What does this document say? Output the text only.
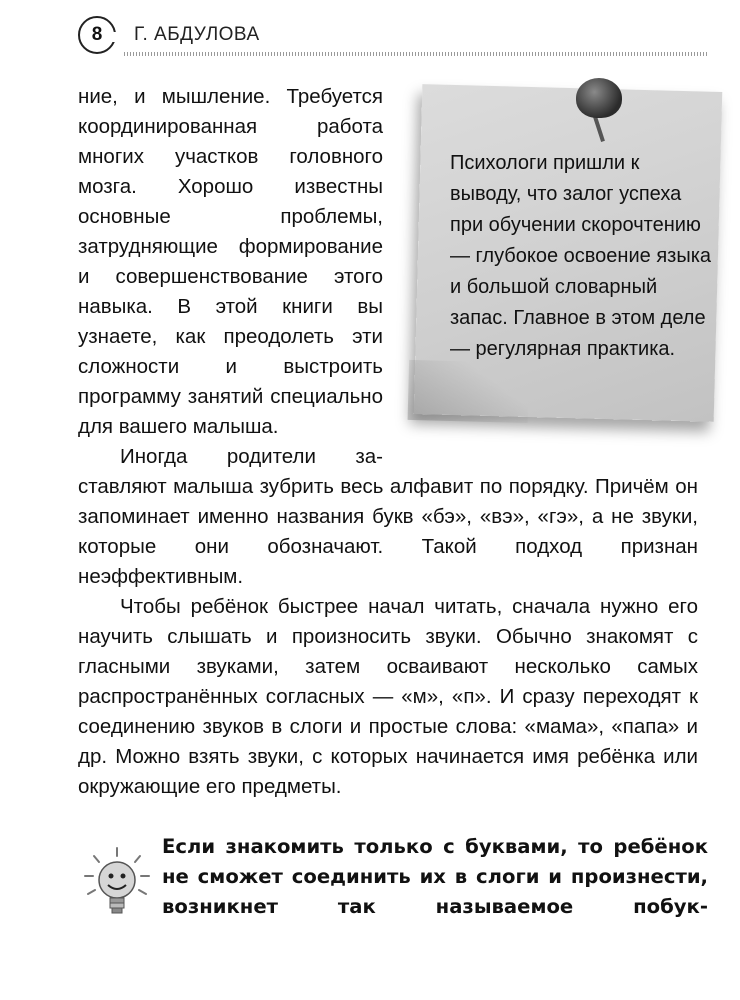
8 Г. АБДУЛОВА

ние, и мышление. Требуется координированная работа многих участков головного мозга. Хорошо известны основные проблемы, затрудняющие формирование и совершенствование этого навыка. В этой книги вы узнаете, как преодолеть эти сложности и выстроить программу занятий специально для вашего малыша.

Иногда родители за-

Психологи пришли к выводу, что залог успеха при обучении скорочтению — глубокое освоение языка и большой словарный запас. Главное в этом деле — регулярная практика.

ставляют малыша зубрить весь алфавит по порядку. Причём он запоминает именно названия букв «бэ», «вэ», «гэ», а не звуки, которые они обозначают. Такой подход признан неэффективным.

Чтобы ребёнок быстрее начал читать, сначала нужно его научить слышать и произносить звуки. Обычно знакомят с гласными звуками, затем осваивают несколько самых распространённых согласных — «м», «п». И сразу переходят к соединению звуков в слоги и простые слова: «мама», «папа» и др. Можно взять звуки, с которых начинается имя ребёнка или окружающие его предметы.

Если знакомить только с буквами, то ребёнок не сможет соединить их в слоги и произнести, возникнет так называемое побук-
